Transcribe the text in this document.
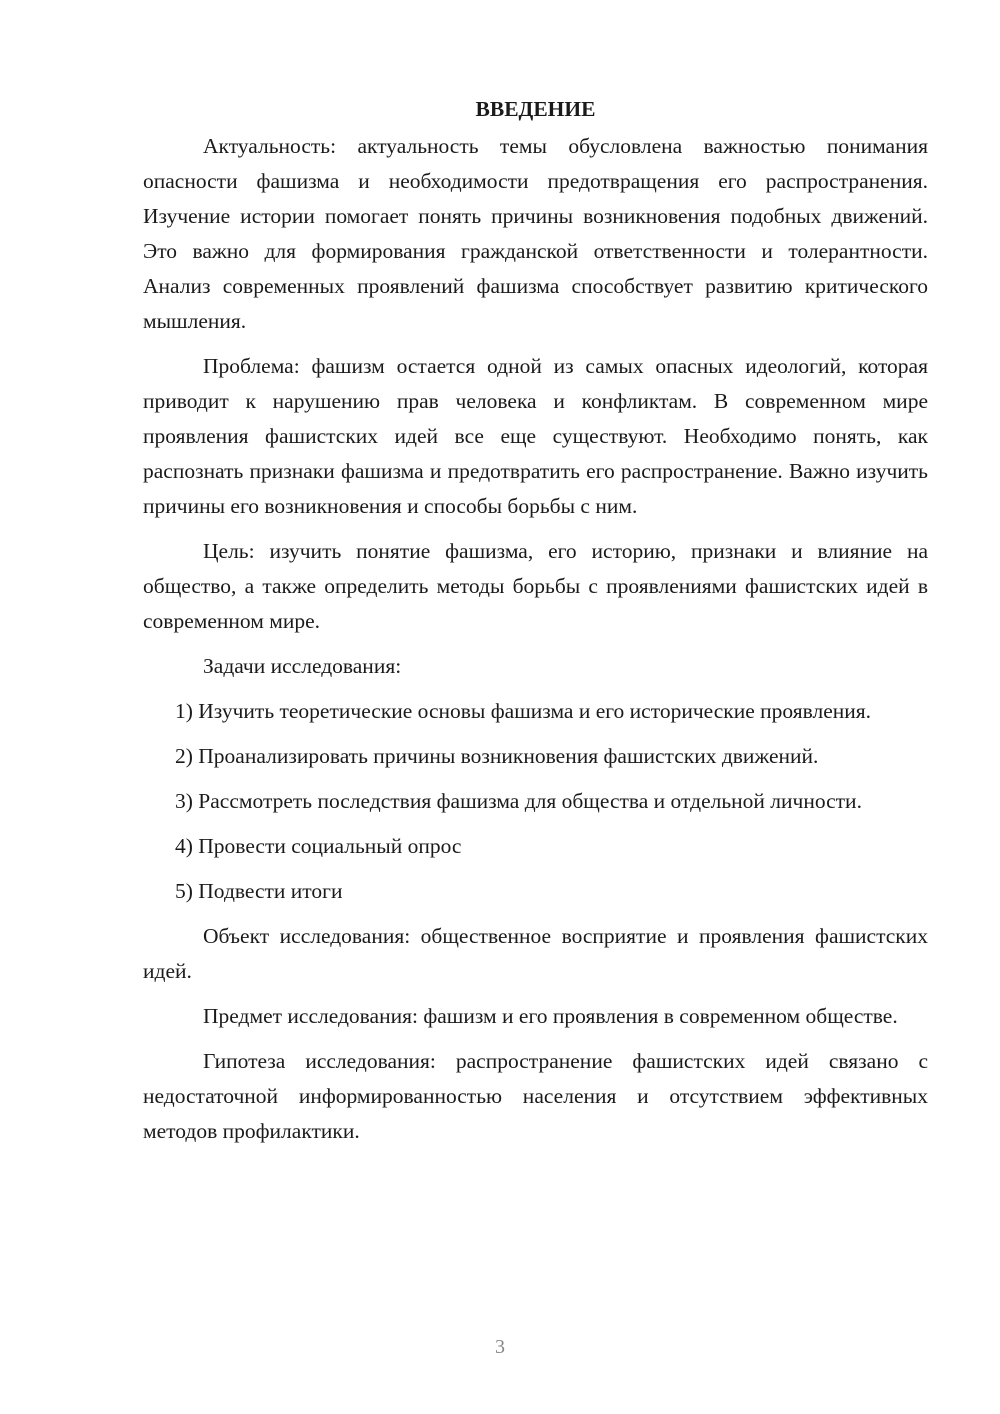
ВВЕДЕНИЕ

Актуальность: актуальность темы обусловлена важностью понимания опасности фашизма и необходимости предотвращения его распространения. Изучение истории помогает понять причины возникновения подобных движений. Это важно для формирования гражданской ответственности и толерантности. Анализ современных проявлений фашизма способствует развитию критического мышления.

Проблема: фашизм остается одной из самых опасных идеологий, которая приводит к нарушению прав человека и конфликтам. В современном мире проявления фашистских идей все еще существуют. Необходимо понять, как распознать признаки фашизма и предотвратить его распространение. Важно изучить причины его возникновения и способы борьбы с ним.

Цель: изучить понятие фашизма, его историю, признаки и влияние на общество, а также определить методы борьбы с проявлениями фашистских идей в современном мире.

Задачи исследования:

1) Изучить теоретические основы фашизма и его исторические проявления.

2) Проанализировать причины возникновения фашистских движений.

3) Рассмотреть последствия фашизма для общества и отдельной личности.

4) Провести социальный опрос

5) Подвести итоги

Объект исследования: общественное восприятие и проявления фашистских идей.

Предмет исследования: фашизм и его проявления в современном обществе.

Гипотеза исследования: распространение фашистских идей связано с недостаточной информированностью населения и отсутствием эффективных методов профилактики.

3
